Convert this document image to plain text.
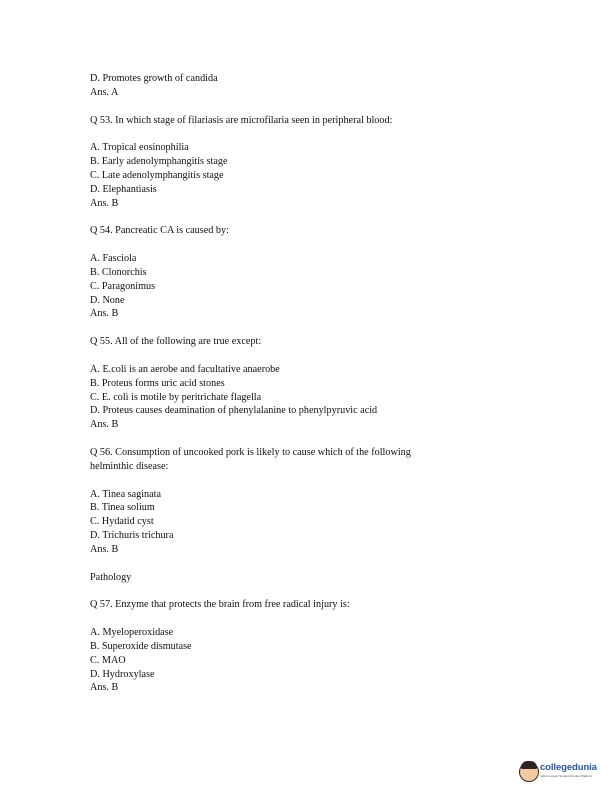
D. Promotes growth of candida
Ans. A
Q 53. In which stage of filariasis are microfilaria seen in peripheral blood:
A. Tropical eosinophilia
B. Early adenolymphangitis stage
C. Late adenolymphangitis stage
D. Elephantiasis
Ans. B
Q 54. Pancreatic CA is caused by:
A. Fasciola
B. Clonorchis
C. Paragonimus
D. None
Ans. B
Q 55. All of the following are true except:
A. E.coli is an aerobe and facultative anaerobe
B. Proteus forms uric acid stones
C. E. coli is motile by peritrichate flagella
D. Proteus causes deamination of phenylalanine to phenylpyruvic acid
Ans. B
Q 56. Consumption of uncooked pork is likely to cause which of the following
helminthic disease:
A. Tinea saginata
B. Tinea solium
C. Hydatid cyst
D. Trichuris trichura
Ans. B
Pathology
Q 57. Enzyme that protects the brain from free radical injury is:
A. Myeloperoxidase
B. Superoxide dismutase
C. MAO
D. Hydroxylase
Ans. B
collegedunia
India's largest Student Review Platform
